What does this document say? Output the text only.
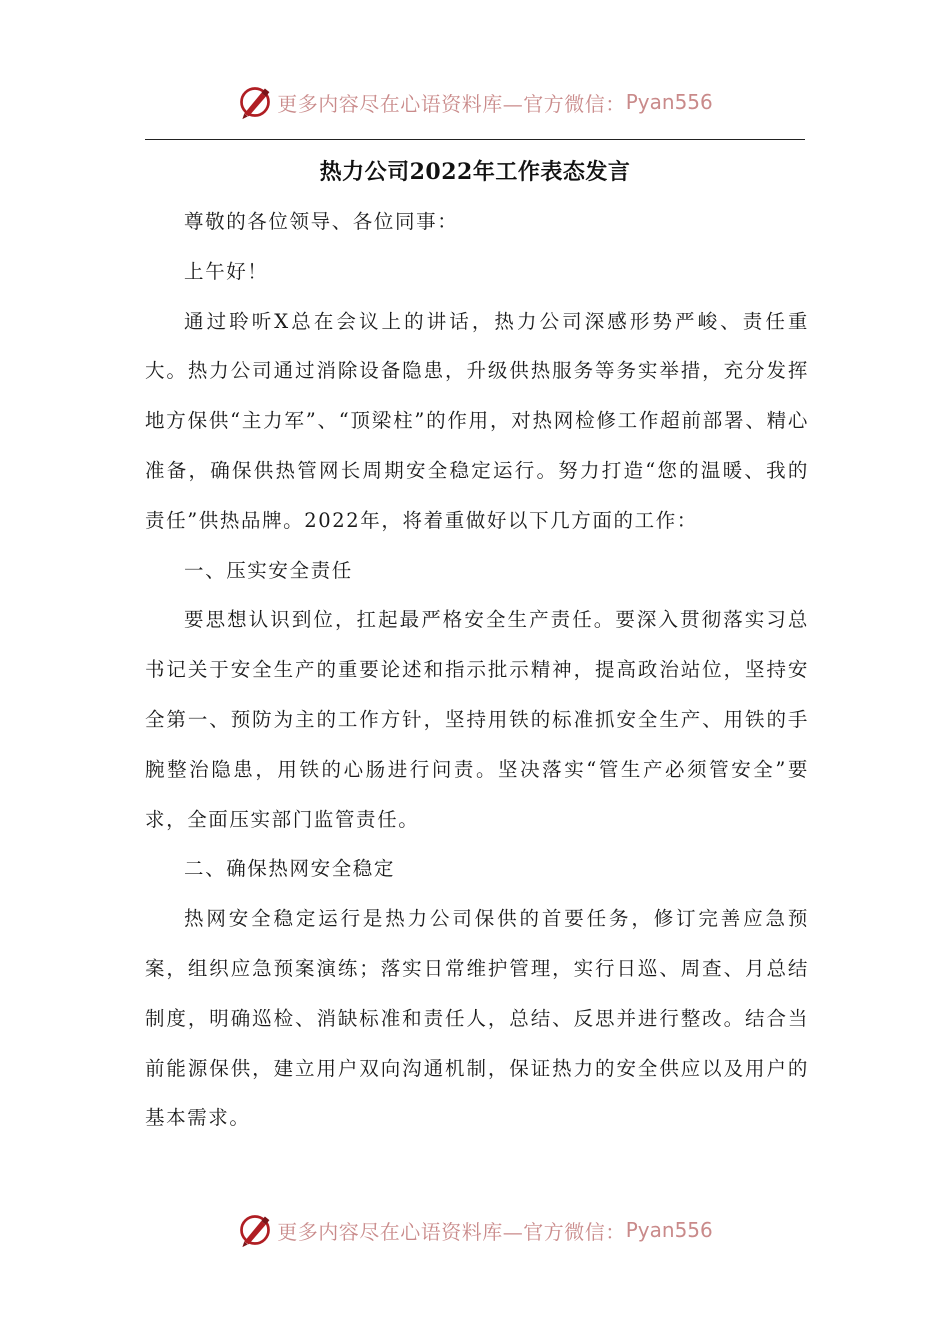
更多内容尽在心语资料库—官方微信： Pyan556
热力公司2022年工作表态发言

尊敬的各位领导、各位同事：

上午好！

通过聆听X总在会议上的讲话，热力公司深感形势严峻、责任重大。热力公司通过消除设备隐患，升级供热服务等务实举措，充分发挥地方保供“主力军”、“顶梁柱”的作用，对热网检修工作超前部署、精心准备，确保供热管网长周期安全稳定运行。努力打造“您的温暖、我的责任”供热品牌。2022年，将着重做好以下几方面的工作：

一、压实安全责任

要思想认识到位，扛起最严格安全生产责任。要深入贯彻落实习总书记关于安全生产的重要论述和指示批示精神，提高政治站位，坚持安全第一、预防为主的工作方针，坚持用铁的标准抓安全生产、用铁的手腕整治隐患，用铁的心肠进行问责。坚决落实“管生产必须管安全”要求，全面压实部门监管责任。

二、确保热网安全稳定

热网安全稳定运行是热力公司保供的首要任务，修订完善应急预案，组织应急预案演练；落实日常维护管理，实行日巡、周查、月总结制度，明确巡检、消缺标准和责任人，总结、反思并进行整改。结合当前能源保供，建立用户双向沟通机制，保证热力的安全供应以及用户的基本需求。

更多内容尽在心语资料库—官方微信： Pyan556
